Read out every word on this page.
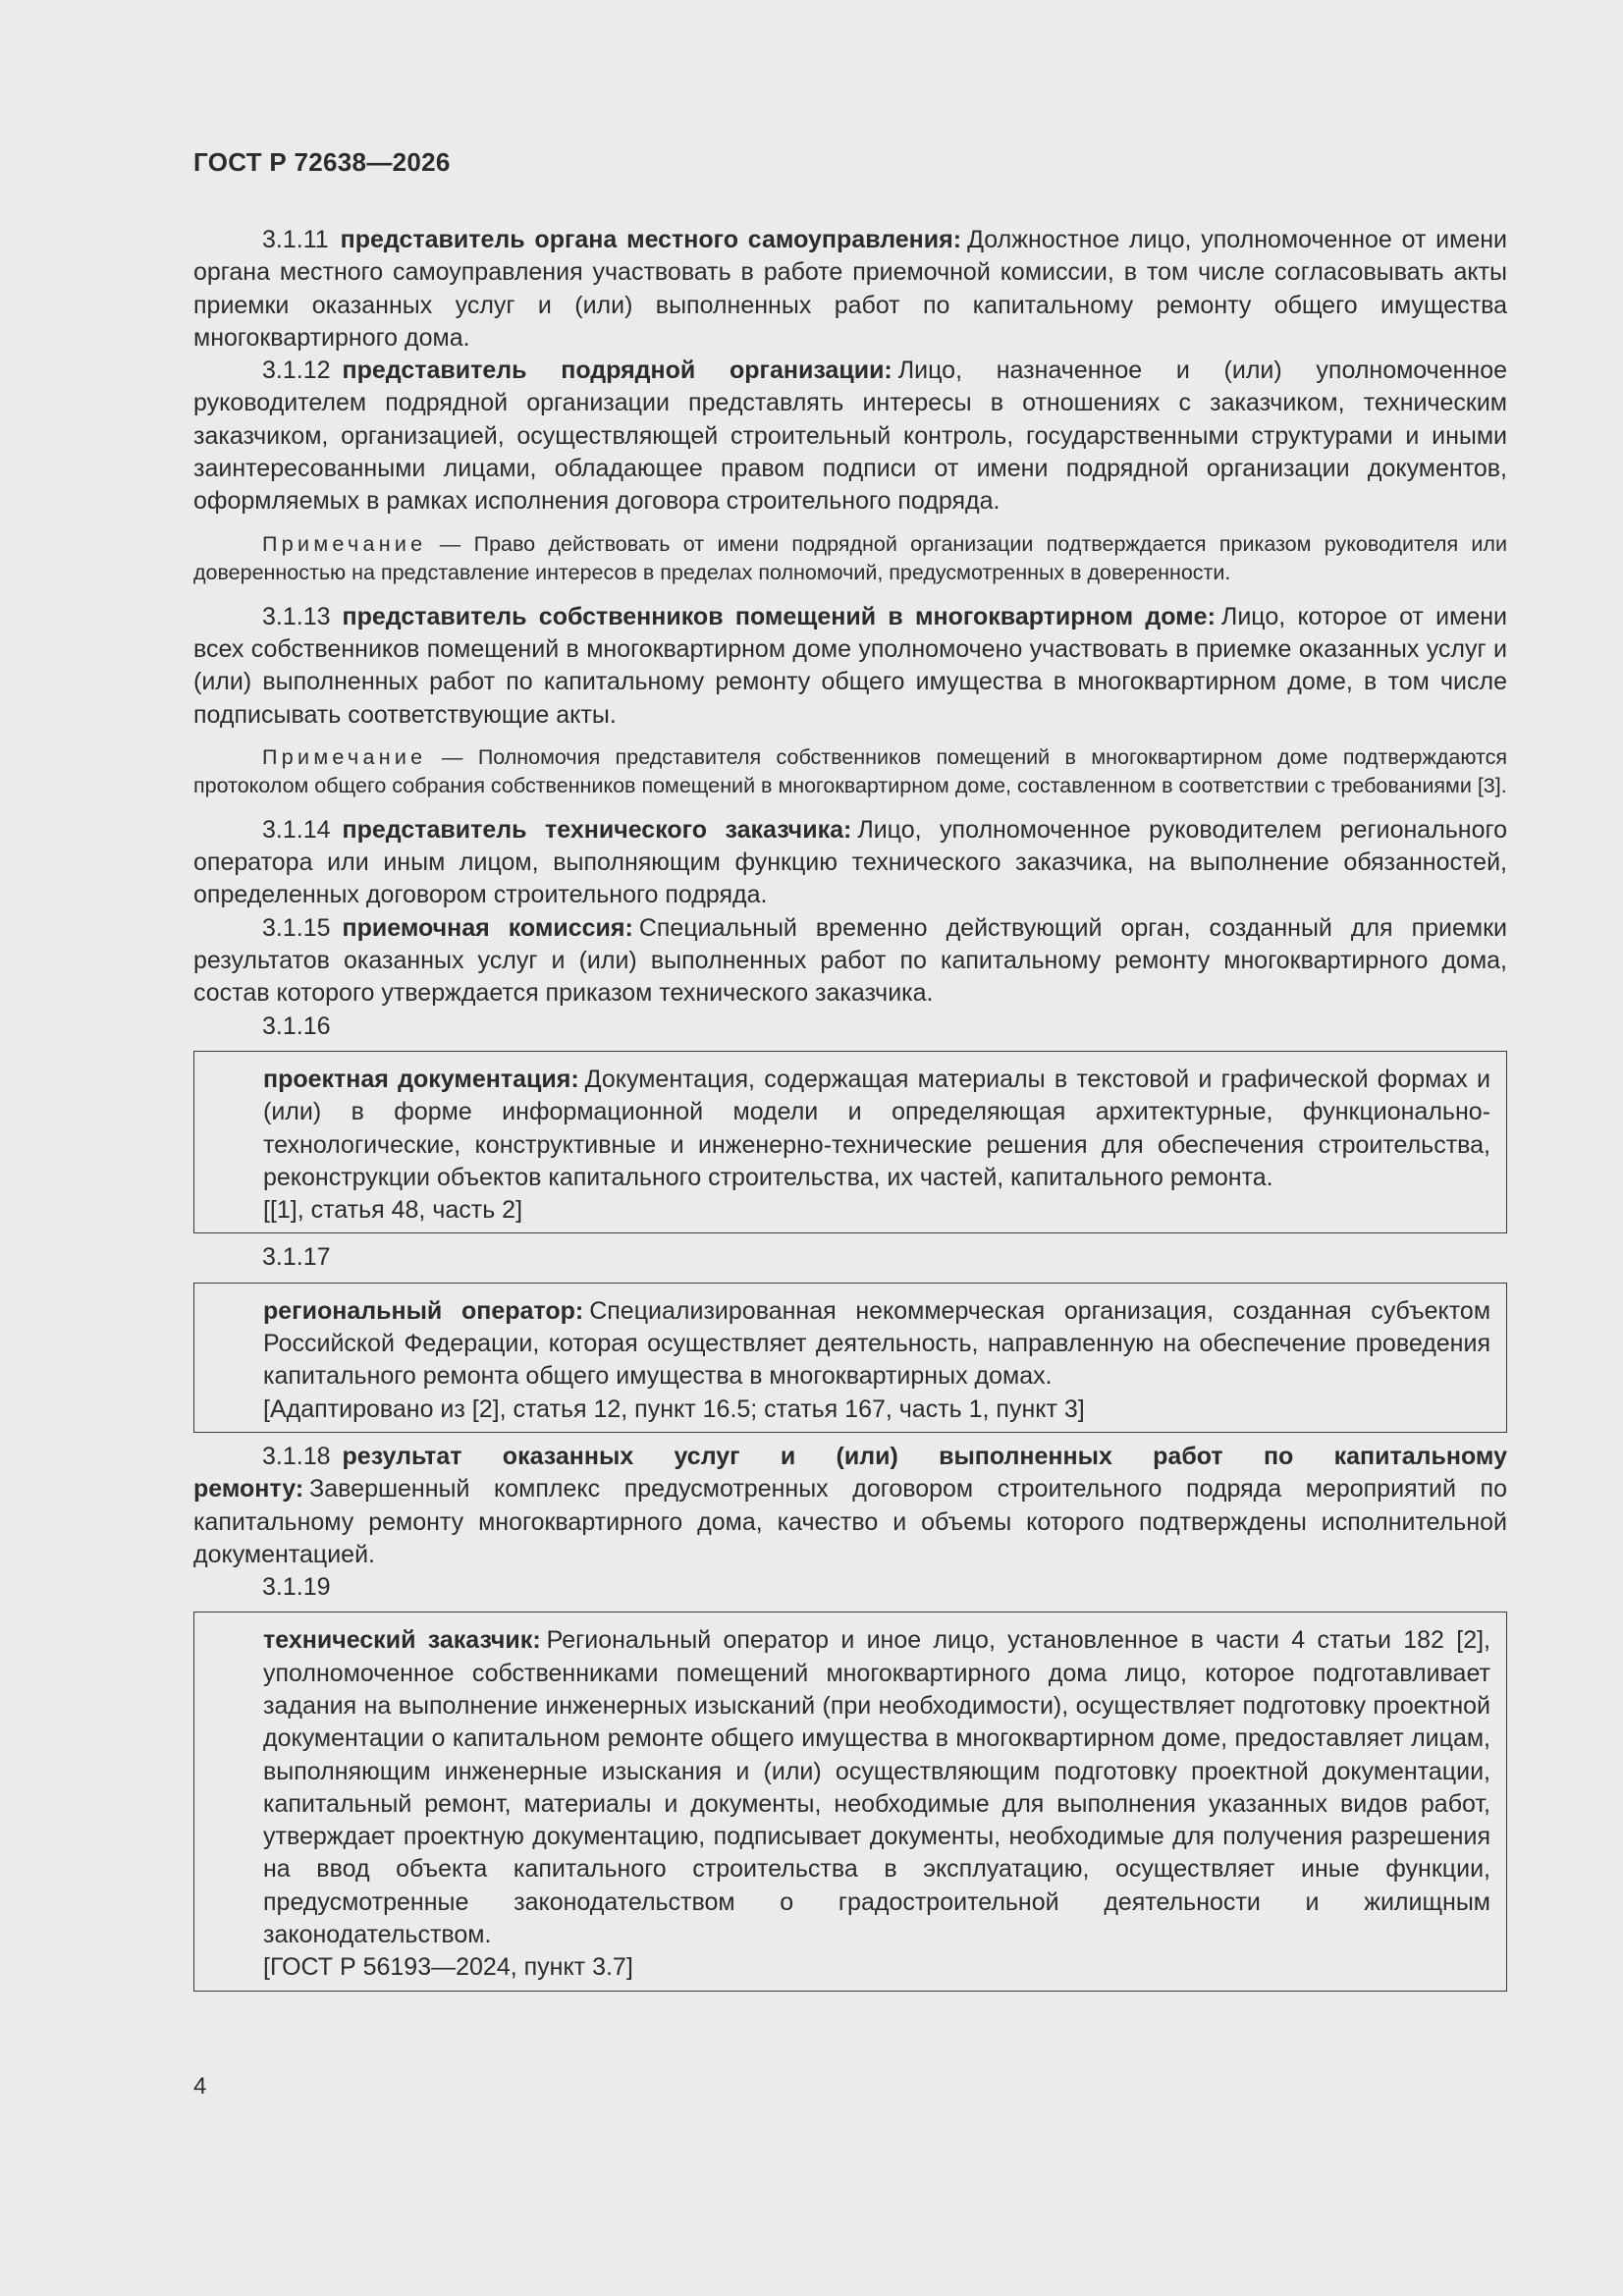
ГОСТ Р 72638—2026

3.1.11 представитель органа местного самоуправления: Должностное лицо, уполномоченное от имени органа местного самоуправления участвовать в работе приемочной комиссии, в том числе согласовывать акты приемки оказанных услуг и (или) выполненных работ по капитальному ремонту общего имущества многоквартирного дома.

3.1.12 представитель подрядной организации: Лицо, назначенное и (или) уполномоченное руководителем подрядной организации представлять интересы в отношениях с заказчиком, техническим заказчиком, организацией, осуществляющей строительный контроль, государственными структурами и иными заинтересованными лицами, обладающее правом подписи от имени подрядной организации документов, оформляемых в рамках исполнения договора строительного подряда.

Примечание — Право действовать от имени подрядной организации подтверждается приказом руководителя или доверенностью на представление интересов в пределах полномочий, предусмотренных в доверенности.

3.1.13 представитель собственников помещений в многоквартирном доме: Лицо, которое от имени всех собственников помещений в многоквартирном доме уполномочено участвовать в приемке оказанных услуг и (или) выполненных работ по капитальному ремонту общего имущества в многоквартирном доме, в том числе подписывать соответствующие акты.

Примечание — Полномочия представителя собственников помещений в многоквартирном доме подтверждаются протоколом общего собрания собственников помещений в многоквартирном доме, составленном в соответствии с требованиями [3].

3.1.14 представитель технического заказчика: Лицо, уполномоченное руководителем регионального оператора или иным лицом, выполняющим функцию технического заказчика, на выполнение обязанностей, определенных договором строительного подряда.

3.1.15 приемочная комиссия: Специальный временно действующий орган, созданный для приемки результатов оказанных услуг и (или) выполненных работ по капитальному ремонту многоквартирного дома, состав которого утверждается приказом технического заказчика.

3.1.16

проектная документация: Документация, содержащая материалы в текстовой и графической формах и (или) в форме информационной модели и определяющая архитектурные, функционально-технологические, конструктивные и инженерно-технические решения для обеспечения строительства, реконструкции объектов капитального строительства, их частей, капитального ремонта.

[[1], статья 48, часть 2]

3.1.17

региональный оператор: Специализированная некоммерческая организация, созданная субъектом Российской Федерации, которая осуществляет деятельность, направленную на обеспечение проведения капитального ремонта общего имущества в многоквартирных домах.

[Адаптировано из [2], статья 12, пункт 16.5; статья 167, часть 1, пункт 3]

3.1.18 результат оказанных услуг и (или) выполненных работ по капитальному ремонту: Завершенный комплекс предусмотренных договором строительного подряда мероприятий по капитальному ремонту многоквартирного дома, качество и объемы которого подтверждены исполнительной документацией.

3.1.19

технический заказчик: Региональный оператор и иное лицо, установленное в части 4 статьи 182 [2], уполномоченное собственниками помещений многоквартирного дома лицо, которое подготавливает задания на выполнение инженерных изысканий (при необходимости), осуществляет подготовку проектной документации о капитальном ремонте общего имущества в многоквартирном доме, предоставляет лицам, выполняющим инженерные изыскания и (или) осуществляющим подготовку проектной документации, капитальный ремонт, материалы и документы, необходимые для выполнения указанных видов работ, утверждает проектную документацию, подписывает документы, необходимые для получения разрешения на ввод объекта капитального строительства в эксплуатацию, осуществляет иные функции, предусмотренные законодательством о градостроительной деятельности и жилищным законодательством.

[ГОСТ Р 56193—2024, пункт 3.7]

4
